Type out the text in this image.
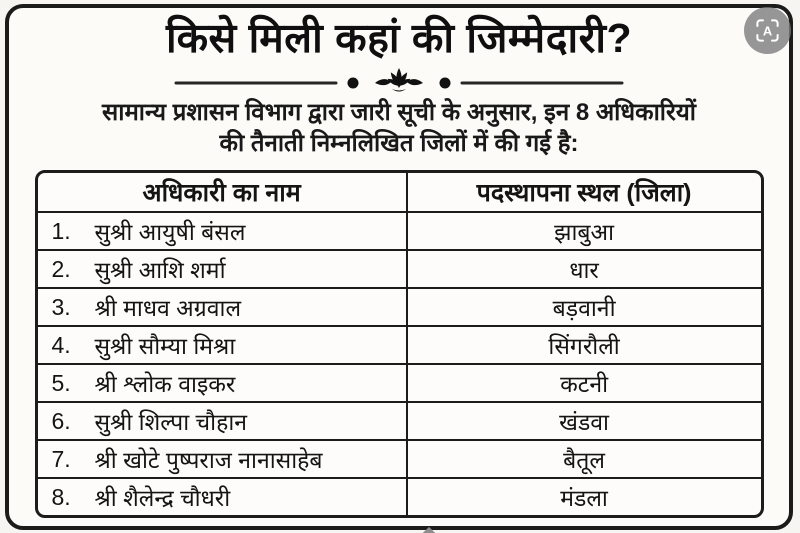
किसे मिली कहां की जिम्मेदारी?
सामान्य प्रशासन विभाग द्वारा जारी सूची के अनुसार, इन 8 अधिकारियों
की तैनाती निम्नलिखित जिलों में की गई है:
अधिकारी का नाम	पदस्थापना स्थल (जिला)
1.	सुश्री आयुषी बंसल	झाबुआ
2.	सुश्री आशि शर्मा	धार
3.	श्री माधव अग्रवाल	बड़वानी
4.	सुश्री सौम्या मिश्रा	सिंगरौली
5.	श्री श्लोक वाइकर	कटनी
6.	सुश्री शिल्पा चौहान	खंडवा
7.	श्री खोटे पुष्पराज नानासाहेब	बैतूल
8.	श्री शैलेन्द्र चौधरी	मंडला
A
